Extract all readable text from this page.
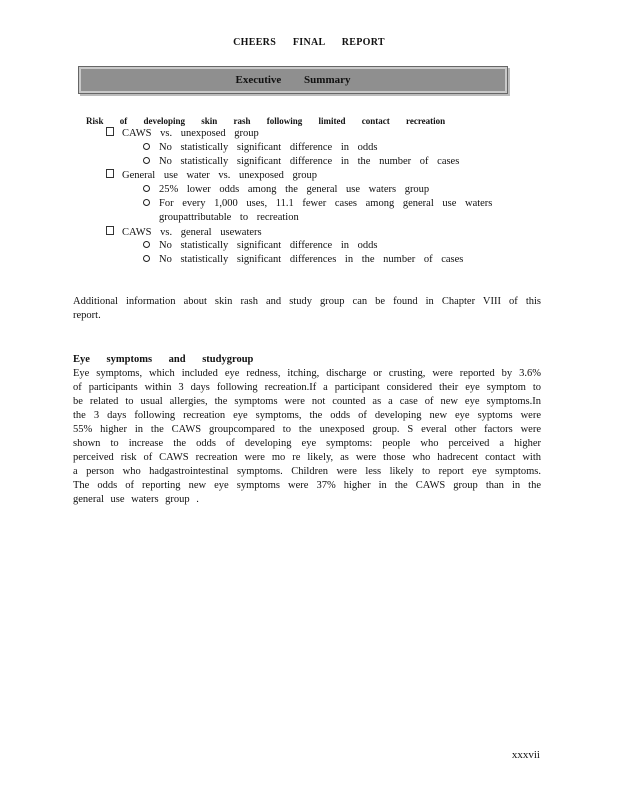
CHEERS FINAL REPORT
Executive Summary
Risk of developing skin rash following limited contact recreation
CAWS vs. unexposed group
No statistically significant difference in odds
No statistically significant difference in the number of cases
General use water vs. unexposed group
25% lower odds among the general use waters group
For every 1,000 uses, 11.1 fewer cases among general use waters
groupattributable to recreation
CAWS vs. general usewaters
No statistically significant difference in odds
No statistically significant differences in the number of cases
Additional information about skin rash and study group can be found in Chapter VIII of this report.
Eye symptoms and studygroup
Eye symptoms, which included eye redness, itching, discharge or crusting, were reported by 3.6% of participants within 3 days following recreation.If a participant considered their eye symptom to be related to usual allergies, the symptoms were not counted as a case of new eye symptoms.In the 3 days following recreation eye symptoms, the odds of developing new eye syptoms were 55% higher in the CAWS groupcompared to the unexposed group. S everal other factors were shown to increase the odds of developing eye symptoms: people who perceived a higher perceived risk of CAWS recreation were mo re likely, as were those who hadrecent contact with a person who hadgastrointestinal symptoms. Children were less likely to report eye symptoms. The odds of reporting new eye symptoms were 37% higher in the CAWS group than in the general use waters group .
xxxvii
